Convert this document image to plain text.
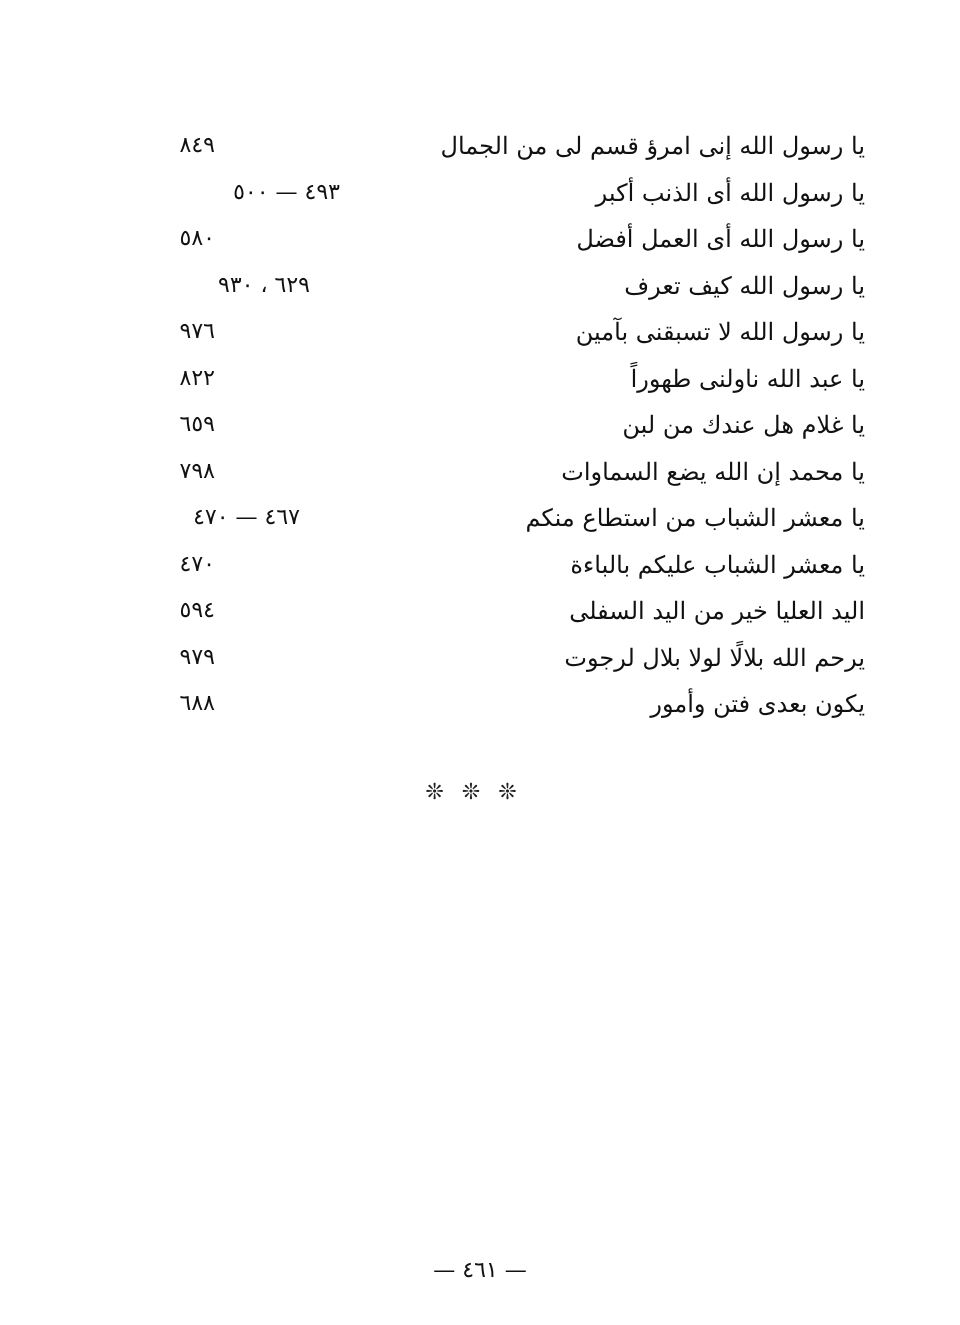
يا رسول الله إنى امرؤ قسم لى من الجمال
٨٤٩
يا رسول الله أى الذنب أكبر
٤٩٣ — ٥٠٠
يا رسول الله أى العمل أفضل
٥٨٠
يا رسول الله كيف تعرف
٦٢٩ ، ٩٣٠
يا رسول الله لا تسبقنى بآمين
٩٧٦
يا عبد الله ناولنى طهوراً
٨٢٢
يا غلام هل عندك من لبن
٦٥٩
يا محمد إن الله يضع السماوات
٧٩٨
يا معشر الشباب من استطاع منكم
٤٦٧ — ٤٧٠
يا معشر الشباب عليكم بالباءة
٤٧٠
اليد العليا خير من اليد السفلى
٥٩٤
يرحم الله بلالًا لولا بلال لرجوت
٩٧٩
يكون بعدى فتن وأمور
٦٨٨
❊❊❊
— ٤٦١ —
